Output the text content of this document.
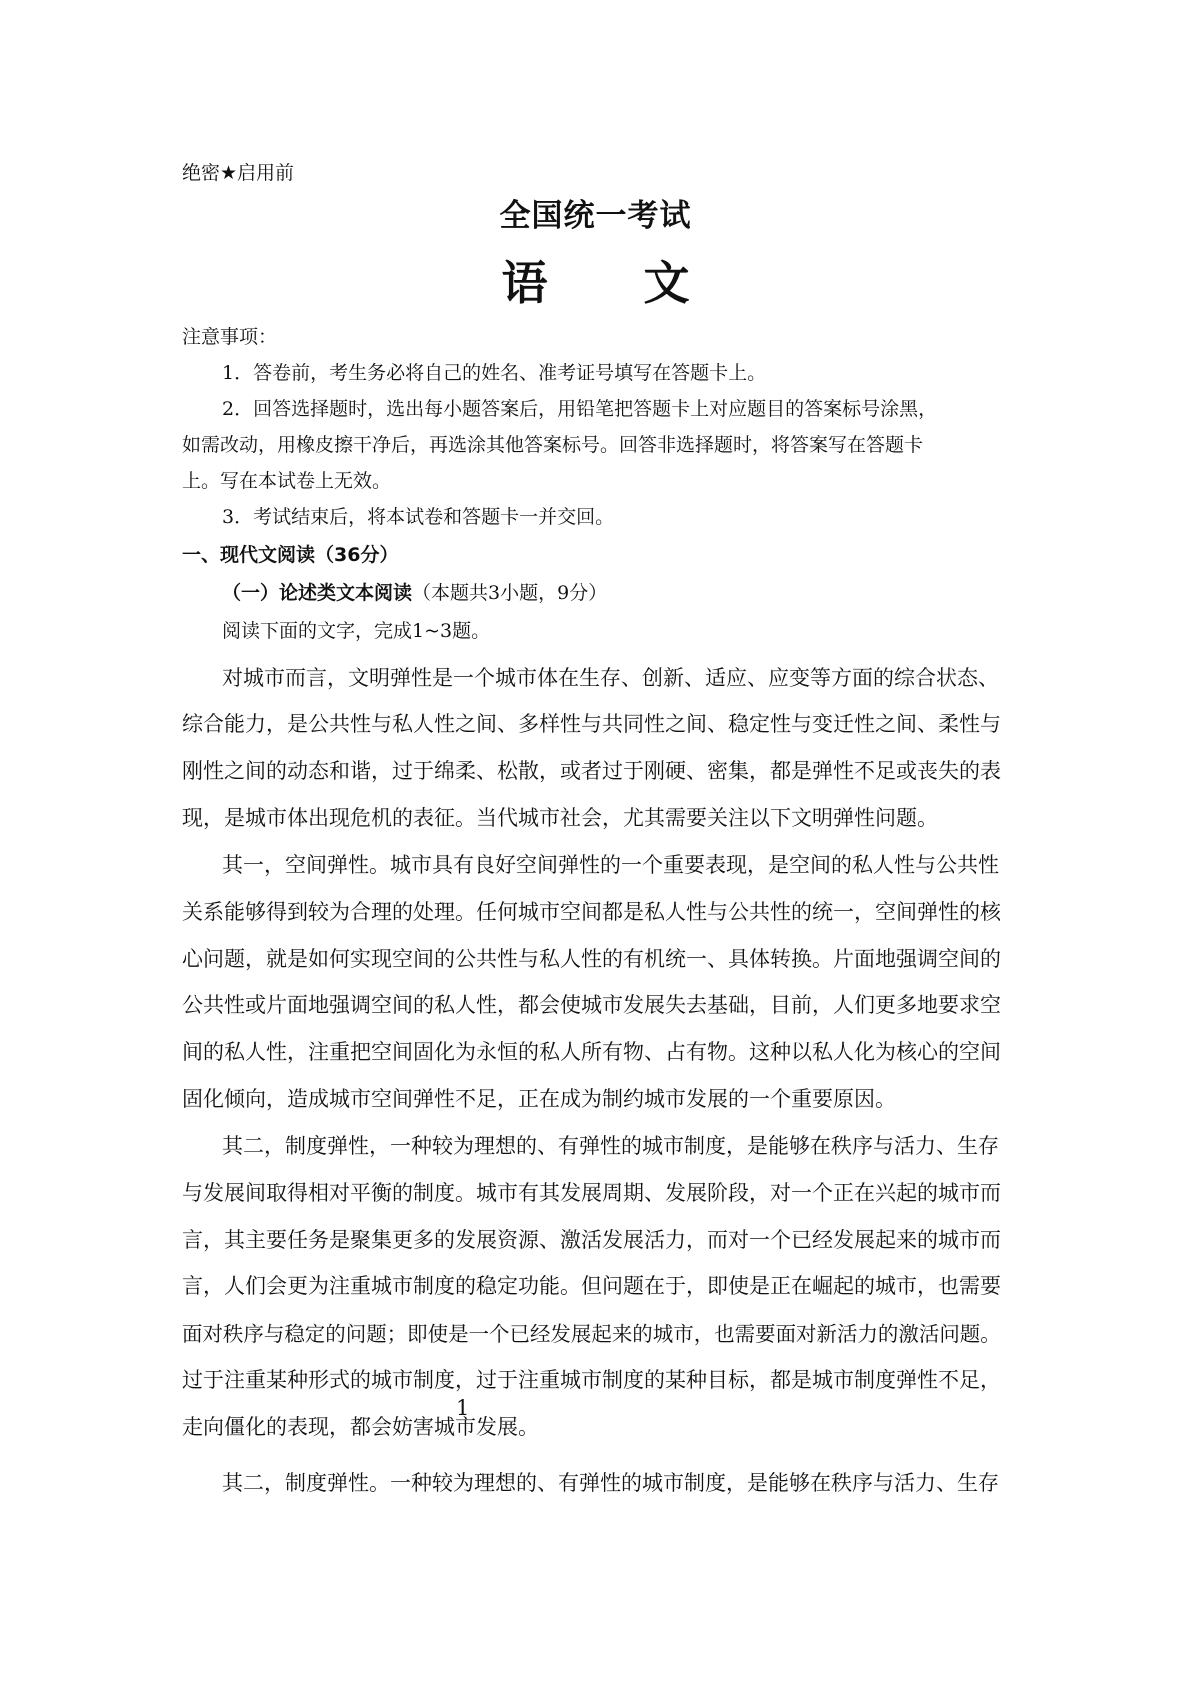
绝密★启用前
全国统一考试
语 文
注意事项：
1．答卷前，考生务必将自己的姓名、准考证号填写在答题卡上。
2．回答选择题时，选出每小题答案后，用铅笔把答题卡上对应题目的答案标号涂黑，
如需改动，用橡皮擦干净后，再选涂其他答案标号。回答非选择题时，将答案写在答题卡
上。写在本试卷上无效。
3．考试结束后，将本试卷和答题卡一并交回。
一、现代文阅读（36分）
（一）论述类文本阅读（本题共3小题，9分）
阅读下面的文字，完成1~3题。
对城市而言，文明弹性是一个城市体在生存、创新、适应、应变等方面的综合状态、
综合能力，是公共性与私人性之间、多样性与共同性之间、稳定性与变迁性之间、柔性与
刚性之间的动态和谐，过于绵柔、松散，或者过于刚硬、密集，都是弹性不足或丧失的表
现，是城市体出现危机的表征。当代城市社会，尤其需要关注以下文明弹性问题。
其一，空间弹性。城市具有良好空间弹性的一个重要表现，是空间的私人性与公共性
关系能够得到较为合理的处理。任何城市空间都是私人性与公共性的统一，空间弹性的核
心问题，就是如何实现空间的公共性与私人性的有机统一、具体转换。片面地强调空间的
公共性或片面地强调空间的私人性，都会使城市发展失去基础，目前，人们更多地要求空
间的私人性，注重把空间固化为永恒的私人所有物、占有物。这种以私人化为核心的空间
固化倾向，造成城市空间弹性不足，正在成为制约城市发展的一个重要原因。
其二，制度弹性，一种较为理想的、有弹性的城市制度，是能够在秩序与活力、生存
与发展间取得相对平衡的制度。城市有其发展周期、发展阶段，对一个正在兴起的城市而
言，其主要任务是聚集更多的发展资源、激活发展活力，而对一个已经发展起来的城市而
言，人们会更为注重城市制度的稳定功能。但问题在于，即使是正在崛起的城市，也需要
面对秩序与稳定的问题；即使是一个已经发展起来的城市，也需要面对新活力的激活问题。
过于注重某种形式的城市制度，过于注重城市制度的某种目标，都是城市制度弹性不足，
走向僵化的表现，都会妨害城市发展。
其二，制度弹性。一种较为理想的、有弹性的城市制度，是能够在秩序与活力、生存
1
